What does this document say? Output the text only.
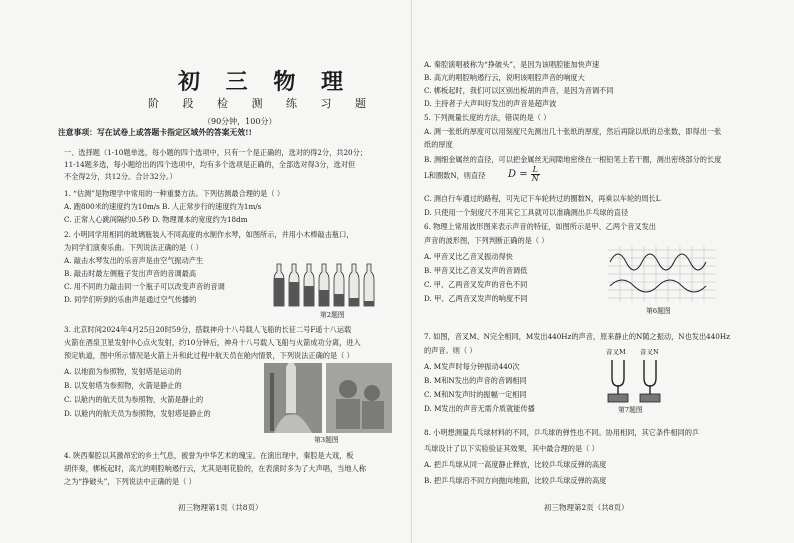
初 三 物 理
阶 段 检 测 练 习 题
（90分钟，100分）
注意事项：写在试卷上或答题卡指定区域外的答案无效!!
一、选择题（1-10题单选，每小题的四个选项中，只有一个是正确的，选对的得2分，共20分；
11-14题多选，每小题给出的四个选项中，均有多个选项是正确的，全部选对得3分，选对但
不全得2分，共12分。合计32分。）
1. “估测”是物理学中常用的一种重要方法。下列估测最合理的是（ ）
A. 跑800米的速度约为10m/s B. 人正常步行的速度约为1m/s
C. 正常人心跳间隔约0.5秒 D. 物理课本的宽度约为18dm
2. 小明同学用相同的玻璃瓶装入不同高度的水制作水琴，如图所示，并用小木棒敲击瓶口，
为同学们演奏乐曲。下列说法正确的是（ ）
A. 敲击水琴发出的乐音声是由空气振动产生
B. 敲击时最左侧瓶子发出声音的音调最高
C. 用不同的力敲击同一个瓶子可以改变声音的音调
D. 同学们听到的乐曲声是通过空气传播的
第2题图
3. 北京时间2024年4月25日20时59分，搭载神舟十八号载人飞船的长征二号F遥十八运载
火箭在酒泉卫星发射中心点火发射，约10分钟后，神舟十八号载人飞船与火箭成功分离，进入
预定轨道，图中所示情况是火箭上升和此过程中航天员在舱内情景，下列说法正确的是（ ）
A. 以地面为参照物，发射塔是运动的
B. 以发射塔为参照物，火箭是静止的
C. 以舱内的航天员为参照物，火箭是静止的
D. 以舱内的航天员为参照物，发射塔是静止的
第3题图
4. 陕西秦腔以其激昂宏的乡土气息，被誉为中华艺术的瑰宝。在演出现中，秦腔是大戏，板
胡伴奏，梆板起时，高亢的唱腔响遏行云，尤其是唱花脸的，在表演时多为了大声唱，当地人称
之为“挣破头”，下列说法中正确的是（ ）
初三物理第1页（共8页）
A. 秦腔演唱被称为“挣破头”，是因为该唱腔能加快声速
B. 高亢的唱腔响遏行云，说明该唱腔声音的响度大
C. 梆板起时，我们可以区别出板胡的声音，是因为音调不同
D. 主持者子大声叫好发出的声音是超声波
5. 下列测量长度的方法，错误的是（ ）
A. 测一张纸的厚度可以用刻度尺先测出几十张纸的厚度，然后再除以纸的总张数，即得出一张
纸的厚度
B. 测细金属丝的直径，可以把金属丝无间隙地密绕在一根铅笔上若干圈，测出密绕部分的长度
L和圈数N，则直径 $D = \frac{L}{N}$
C. 测自行车通过的路程，可先记下车轮转过的圈数N，再乘以车轮的周长L
D. 只使用一个刻度尺不用其它工具就可以准确测出乒乓球的直径
6. 物理上常用波形图来表示声音的特征，如图所示是甲、乙两个音叉发出
声音的波形图，下列判断正确的是（ ）
A. 甲音叉比乙音叉振动得快
B. 甲音叉比乙音叉发声的音调低
C. 甲、乙两音叉发声的音色不同
D. 甲、乙两音叉发声的响度不同
第6题图
7. 如图，音叉M、N完全相同，M发出440Hz的声音，原来静止的N随之振动，N也发出440Hz
的声音。则（ ）
A. M发声时每分钟振动440次
B. M和N发出的声音的音调相同
C. M和N发声时的振幅一定相同
D. M发出的声音无需介质就能传播
音叉M 音叉N
第7题图
8. 小明想测量兵乓球材料的不同，乒乓球的弹性也不同。协用相同，其它条件相同的乒
乓球设计了以下实验验证其效果，其中最合理的是（ ）
A. 把乒乓球从同一高度静止释放，比较乒乓球反弹的高度
B. 把乒乓球沿不同方向抛向地面，比较乒乓球反弹的高度
初三物理第2页（共8页）
